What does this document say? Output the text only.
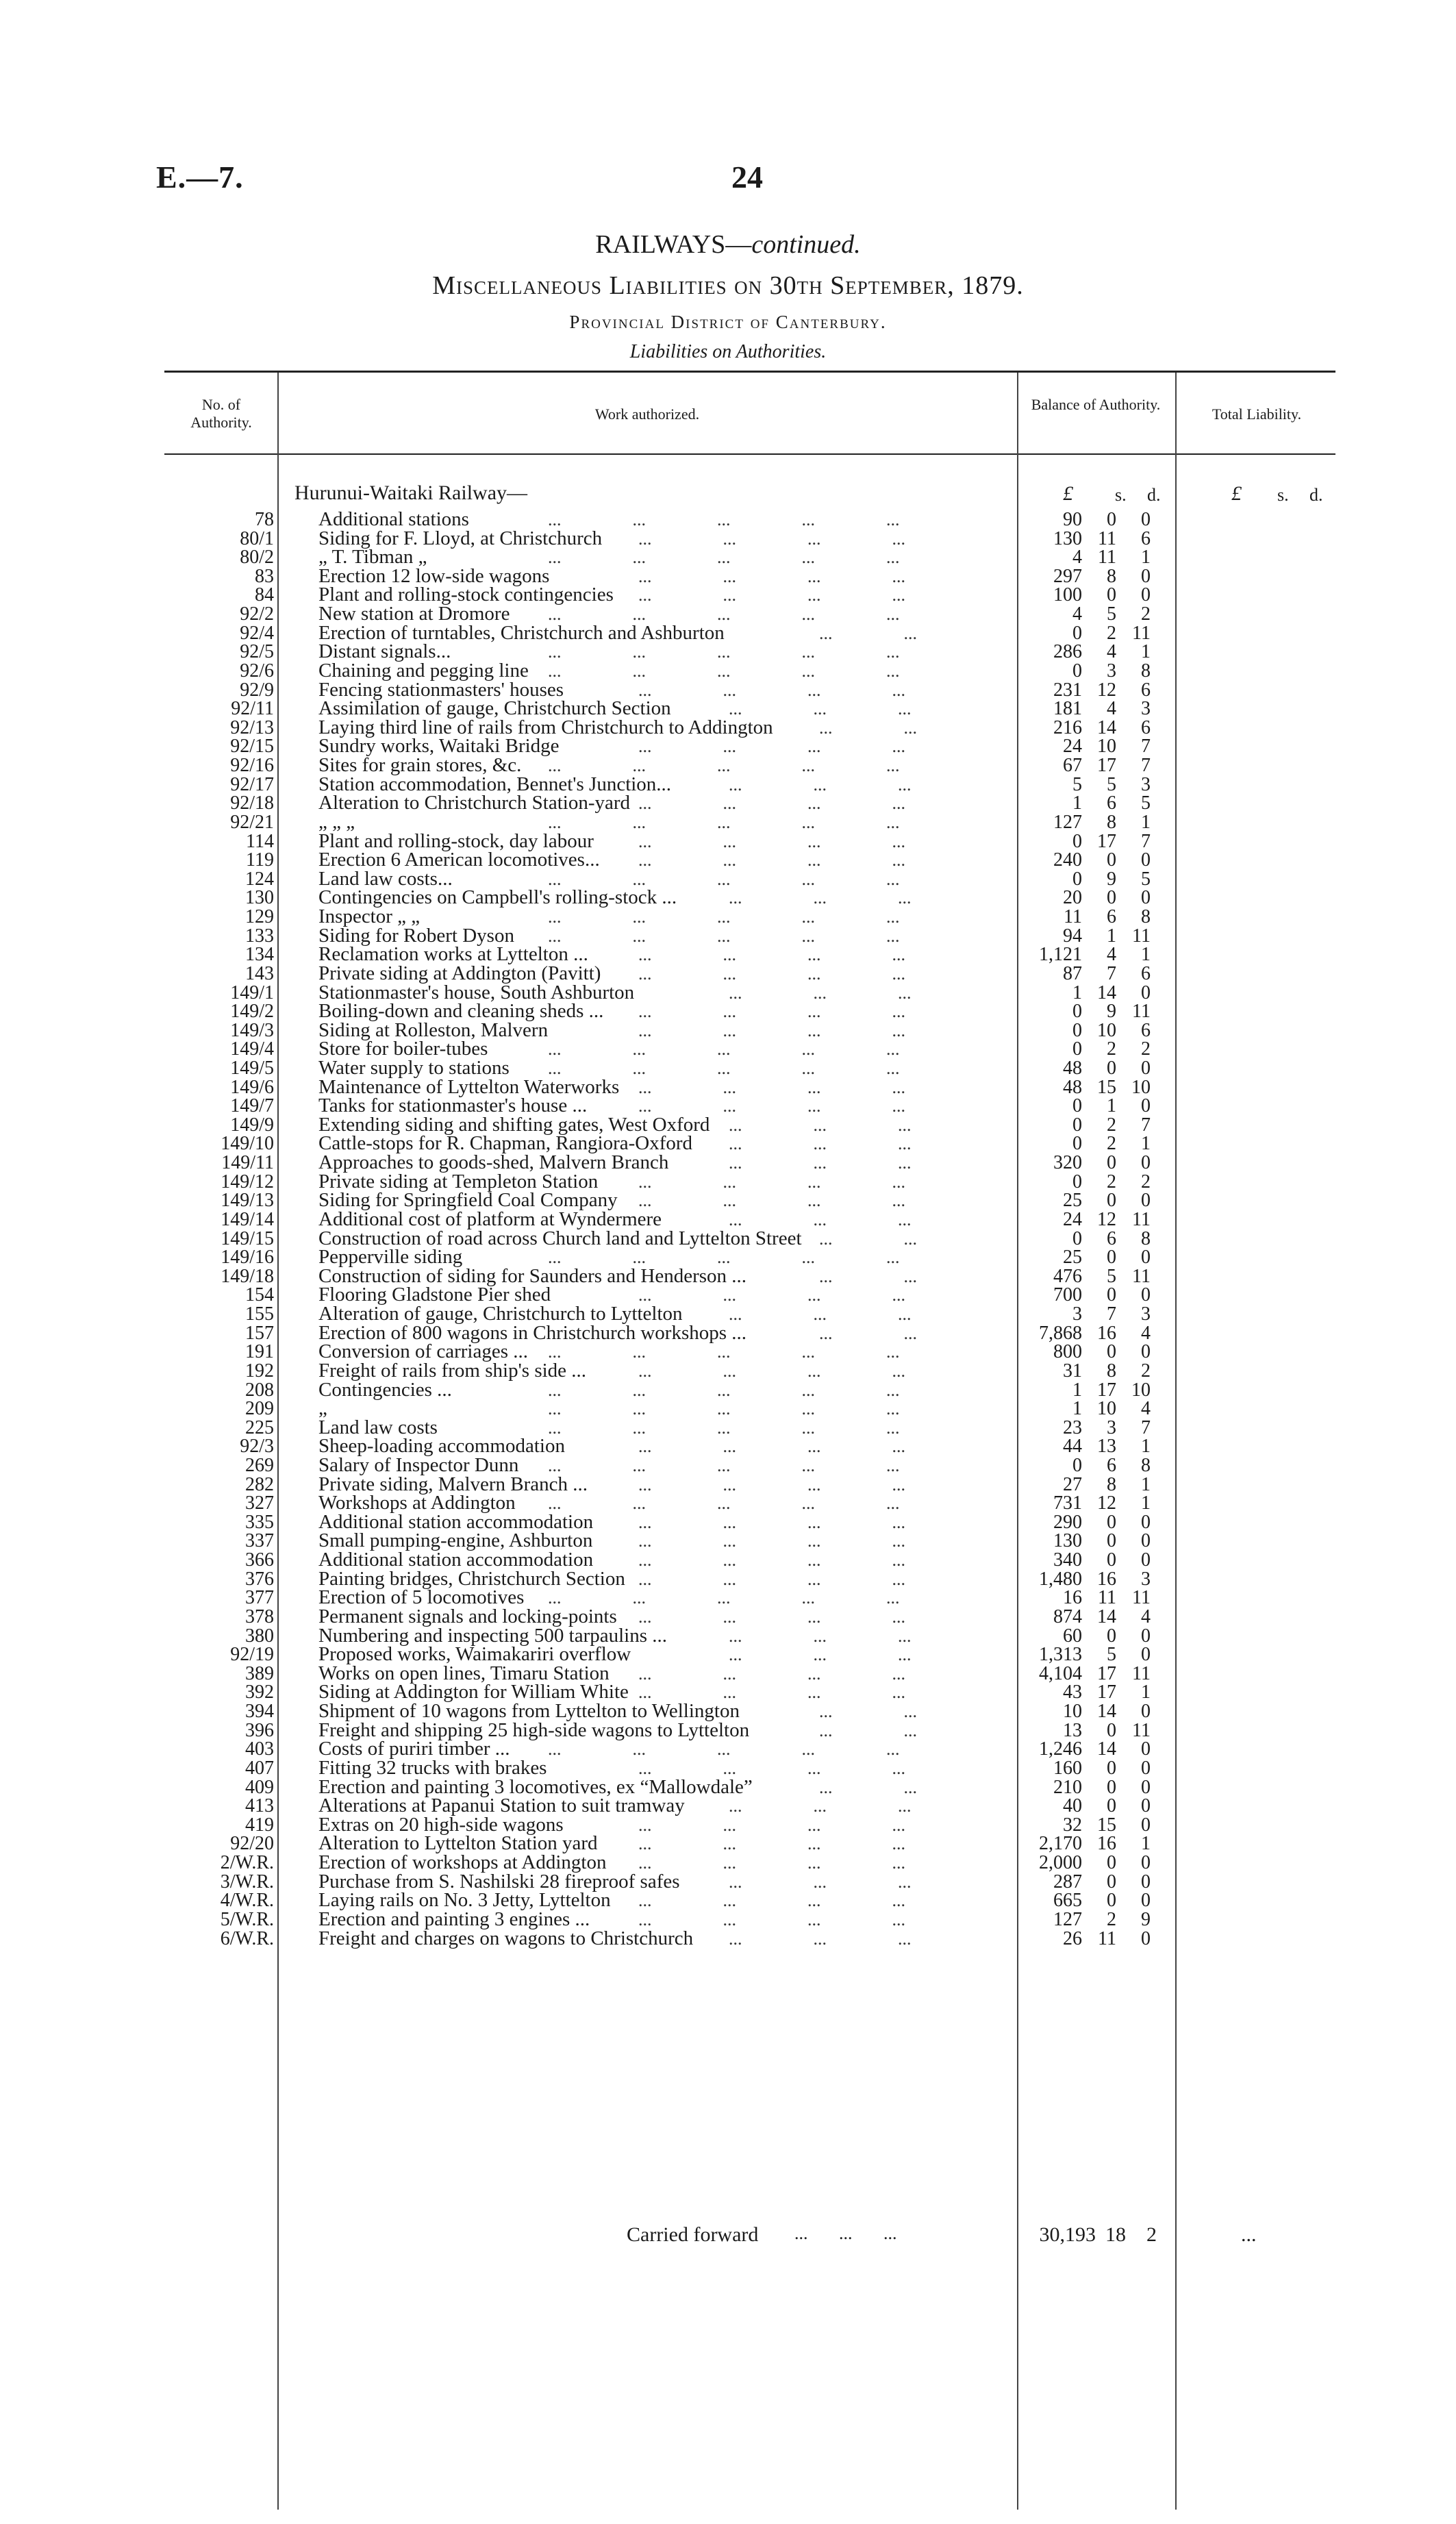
E.—7.	24
RAILWAYS—continued.
Miscellaneous Liabilities on 30th September, 1879.
Provincial District of Canterbury.
Liabilities on Authorities.
No. of Authority.	Work authorized.
Balance of Authority.
Total Liability.
£ s. d.	£ s. d.
Hurunui-Waitaki Railway—
78 Additional stations	...    ...    ...    ...    ...	90	0	0
80/1 Siding for F. Lloyd, at Christchurch ...    ...    ...    ...	130 11	6
80/2 „ T. Tibman „	...    ...    ...    ...    ...	4 11	1
83 Erection 12 low-side wagons	...    ...    ...    ...	297	8	0
84 Plant and rolling-stock contingencies ...    ...    ...    ...	100	0	0
92/2 New station at Dromore ...    ...    ...    ...    ...	4	5	2
92/4 Erection of turntables, Christchurch and Ashburton	...    ...	0	2 11
92/5 Distant signals...	...    ...    ...    ...    ...	286	4	1
92/6 Chaining and pegging line ...    ...    ...    ...    ...	0	3	8
92/9 Fencing stationmasters' houses	...    ...    ...    ...	231 12	6
92/11 Assimilation of gauge, Christchurch Section	...    ...    ...	181	4	3
92/13 Laying third line of rails from Christchurch to Addington	...    ...	216 14	6
92/15 Sundry works, Waitaki Bridge	...    ...    ...    ...	24 10	7
92/16 Sites for grain stores, &c. ...    ...    ...    ...    ...	67 17	7
92/17 Station accommodation, Bennet's Junction...	...    ...    ...	5	5	3
92/18 Alteration to Christchurch Station-yard ...    ...    ...    ...	1	6	5
92/21 „ „ „	...    ...    ...    ...    ...	127	8	1
114 Plant and rolling-stock, day labour	...    ...    ...    ...	0 17	7
119 Erection 6 American locomotives... ...    ...    ...    ...	240	0	0
124 Land law costs...	...    ...    ...    ...    ...	0	9	5
130 Contingencies on Campbell's rolling-stock ...	...    ...    ...	20	0	0
129 Inspector „ „	...    ...    ...    ...    ...	11	6	8
133 Siding for Robert Dyson ...    ...    ...    ...    ...	94	1 11
134 Reclamation works at Lyttelton ...	...    ...    ...    ...	1,121	4	1
143 Private siding at Addington (Pavitt) ...    ...    ...    ...	87	7	6
149/1 Stationmaster's house, South Ashburton	...    ...    ...	1 14	0
149/2 Boiling-down and cleaning sheds ... ...    ...    ...    ...	0	9 11
149/3 Siding at Rolleston, Malvern	...    ...    ...    ...	0 10	6
149/4 Store for boiler-tubes	...    ...    ...    ...    ...	0	2	2
149/5 Water supply to stations ...    ...    ...    ...    ...	48	0	0
149/6 Maintenance of Lyttelton Waterworks ...    ...    ...    ...	48 15 10
149/7 Tanks for stationmaster's house ...	...    ...    ...    ...	0	1	0
149/9 Extending siding and shifting gates, West Oxford ...    ...    ...	0	2	7
149/10 Cattle-stops for R. Chapman, Rangiora-Oxford ...    ...    ...	0	2	1
149/11 Approaches to goods-shed, Malvern Branch	...    ...    ...	320	0	0
149/12 Private siding at Templeton Station ...    ...    ...    ...	0	2	2
149/13 Siding for Springfield Coal Company ...    ...    ...    ...	25	0	0
149/14 Additional cost of platform at Wyndermere	...    ...    ...	24 12 11
149/15 Construction of road across Church land and Lyttelton Street ...    ...	0	6	8
149/16 Pepperville siding	...    ...    ...    ...    ...	25	0	0
149/18 Construction of siding for Saunders and Henderson ...	...    ...	476	5 11
154 Flooring Gladstone Pier shed	...    ...    ...    ...	700	0	0
155 Alteration of gauge, Christchurch to Lyttelton	...    ...    ...	3	7	3
157 Erection of 800 wagons in Christchurch workshops ...	...    ...	7,868 16	4
191 Conversion of carriages ... ...    ...    ...    ...    ...	800	0	0
192 Freight of rails from ship's side ...	...    ...    ...    ...	31	8	2
208 Contingencies ...	...    ...    ...    ...    ...	1 17 10
209 „	...    ...    ...    ...    ...	1 10	4
225 Land law costs	...    ...    ...    ...    ...	23	3	7
92/3 Sheep-loading accommodation	...    ...    ...    ...	44 13	1
269 Salary of Inspector Dunn ...    ...    ...    ...    ...	0	6	8
282 Private siding, Malvern Branch ...	...    ...    ...    ...	27	8	1
327 Workshops at Addington ...    ...    ...    ...    ...	731 12	1
335 Additional station accommodation	...    ...    ...    ...	290	0	0
337 Small pumping-engine, Ashburton	...    ...    ...    ...	130	0	0
366 Additional station accommodation	...    ...    ...    ...	340	0	0
376 Painting bridges, Christchurch Section ...    ...    ...    ...	1,480 16	3
377 Erection of 5 locomotives ...    ...    ...    ...    ...	16 11 11
378 Permanent signals and locking-points ...    ...    ...    ...	874 14	4
380 Numbering and inspecting 500 tarpaulins ...	...    ...    ...	60	0	0
92/19 Proposed works, Waimakariri overflow	...    ...    ...	1,313	5	0
389 Works on open lines, Timaru Station ...    ...    ...    ...	4,104 17 11
392 Siding at Addington for William White ...    ...    ...    ...	43 17	1
394 Shipment of 10 wagons from Lyttelton to Wellington	...    ...	10 14	0
396 Freight and shipping 25 high-side wagons to Lyttelton	...    ...	13	0 11
403 Costs of puriri timber ... ...    ...    ...    ...    ...	1,246 14	0
407 Fitting 32 trucks with brakes	...    ...    ...    ...	160	0	0
409 Erection and painting 3 locomotives, ex “Mallowdale”	...    ...	210	0	0
413 Alterations at Papanui Station to suit tramway ...    ...    ...	40	0	0
419 Extras on 20 high-side wagons	...    ...    ...    ...	32 15	0
92/20 Alteration to Lyttelton Station yard ...    ...    ...    ...	2,170 16	1
2/W.R. Erection of workshops at Addington ...    ...    ...    ...	2,000	0	0
3/W.R. Purchase from S. Nashilski 28 fireproof safes	...    ...    ...	287	0	0
4/W.R. Laying rails on No. 3 Jetty, Lyttelton ...    ...    ...    ...	665	0	0
5/W.R. Erection and painting 3 engines ...	...    ...    ...    ...	127	2	9
6/W.R. Freight and charges on wagons to Christchurch ...    ...    ...	26 11	0
Carried forward ...       ...       ...	30,193 18	2	...
